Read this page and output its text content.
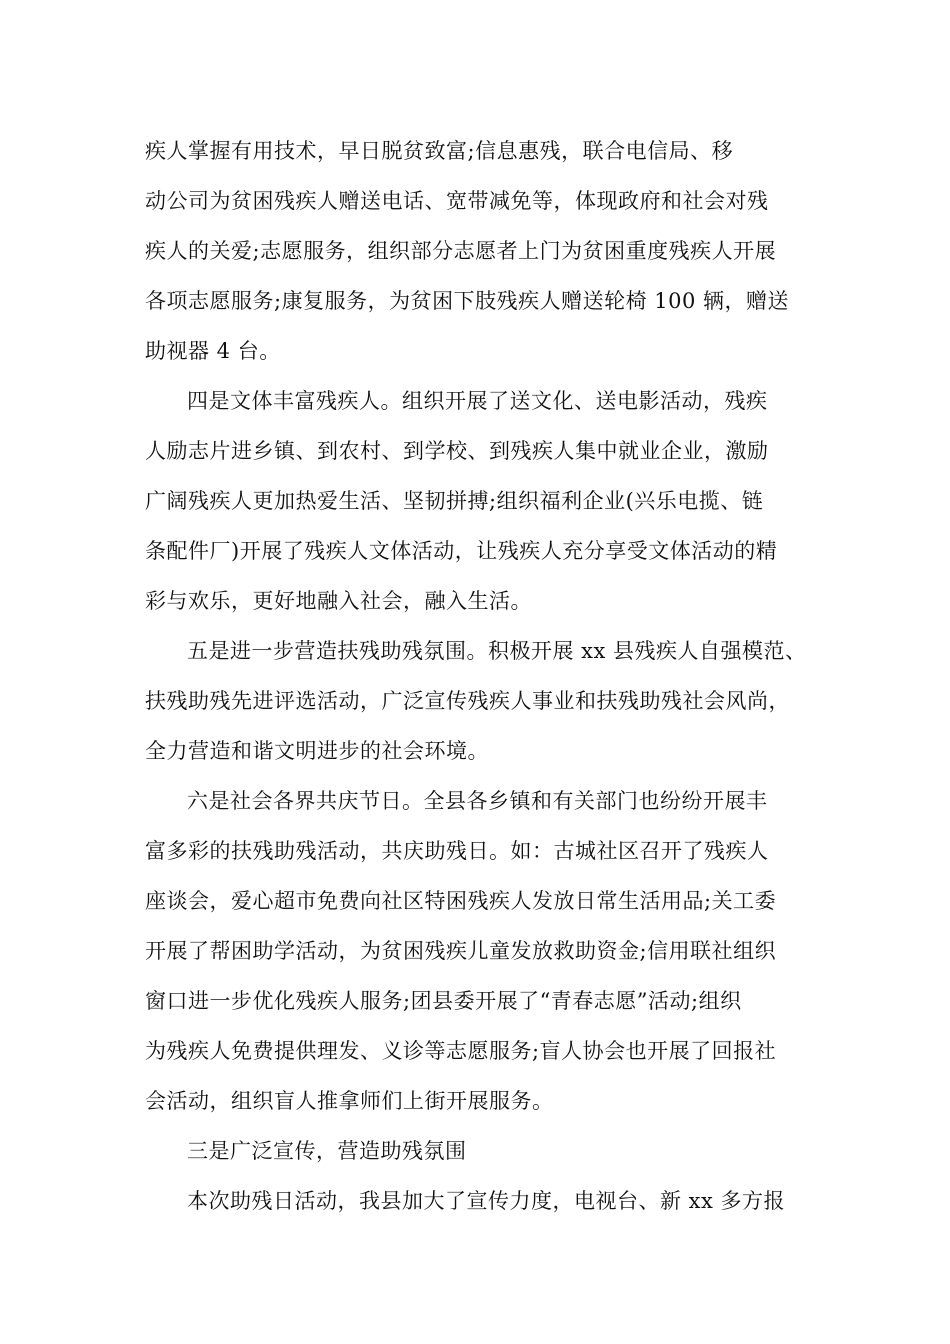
疾人掌握有用技术，早日脱贫致富;信息惠残，联合电信局、移
动公司为贫困残疾人赠送电话、宽带减免等，体现政府和社会对残
疾人的关爱;志愿服务，组织部分志愿者上门为贫困重度残疾人开展
各项志愿服务;康复服务，为贫困下肢残疾人赠送轮椅 100 辆，赠送
助视器 4 台。
四是文体丰富残疾人。组织开展了送文化、送电影活动，残疾
人励志片进乡镇、到农村、到学校、到残疾人集中就业企业，激励
广阔残疾人更加热爱生活、坚韧拼搏;组织福利企业(兴乐电揽、链
条配件厂)开展了残疾人文体活动，让残疾人充分享受文体活动的精
彩与欢乐，更好地融入社会，融入生活。
五是进一步营造扶残助残氛围。积极开展 xx 县残疾人自强模范、
扶残助残先进评选活动，广泛宣传残疾人事业和扶残助残社会风尚，
全力营造和谐文明进步的社会环境。
六是社会各界共庆节日。全县各乡镇和有关部门也纷纷开展丰
富多彩的扶残助残活动，共庆助残日。如：古城社区召开了残疾人
座谈会，爱心超市免费向社区特困残疾人发放日常生活用品;关工委
开展了帮困助学活动，为贫困残疾儿童发放救助资金;信用联社组织
窗口进一步优化残疾人服务;团县委开展了“青春志愿”活动;组织
为残疾人免费提供理发、义诊等志愿服务;盲人协会也开展了回报社
会活动，组织盲人推拿师们上街开展服务。
三是广泛宣传，营造助残氛围
本次助残日活动，我县加大了宣传力度，电视台、新 xx 多方报
